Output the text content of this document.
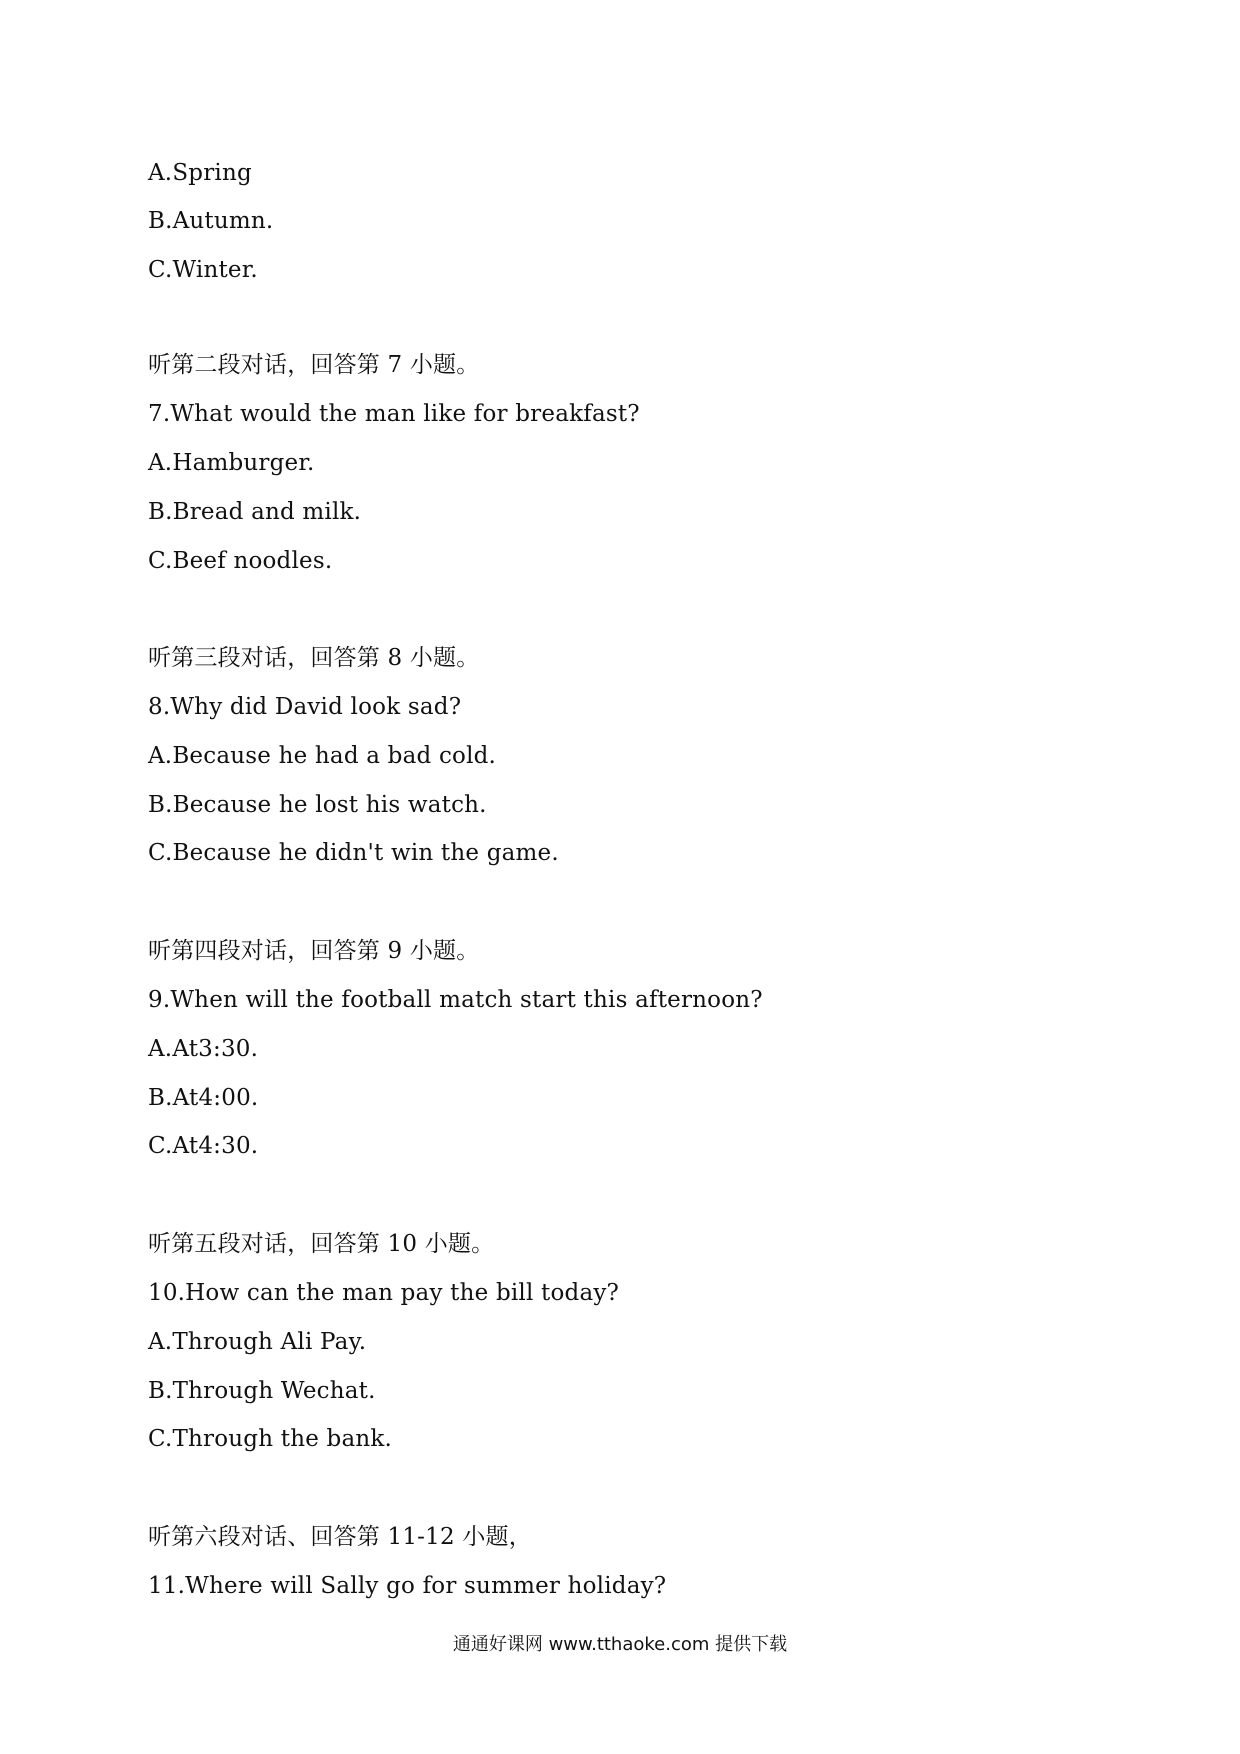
A.Spring
B.Autumn.
C.Winter.
听第二段对话，回答第 7 小题。
7.What would the man like for breakfast?
A.Hamburger.
B.Bread and milk.
C.Beef noodles.
听第三段对话，回答第 8 小题。
8.Why did David look sad?
A.Because he had a bad cold.
B.Because he lost his watch.
C.Because he didn't win the game.
听第四段对话，回答第 9 小题。
9.When will the football match start this afternoon?
A.At3:30.
B.At4:00.
C.At4:30.
听第五段对话，回答第 10 小题。
10.How can the man pay the bill today?
A.Through Ali Pay.
B.Through Wechat.
C.Through the bank.
听第六段对话、回答第 11-12 小题，
11.Where will Sally go for summer holiday?
通通好课网 www.tthaoke.com 提供下载
